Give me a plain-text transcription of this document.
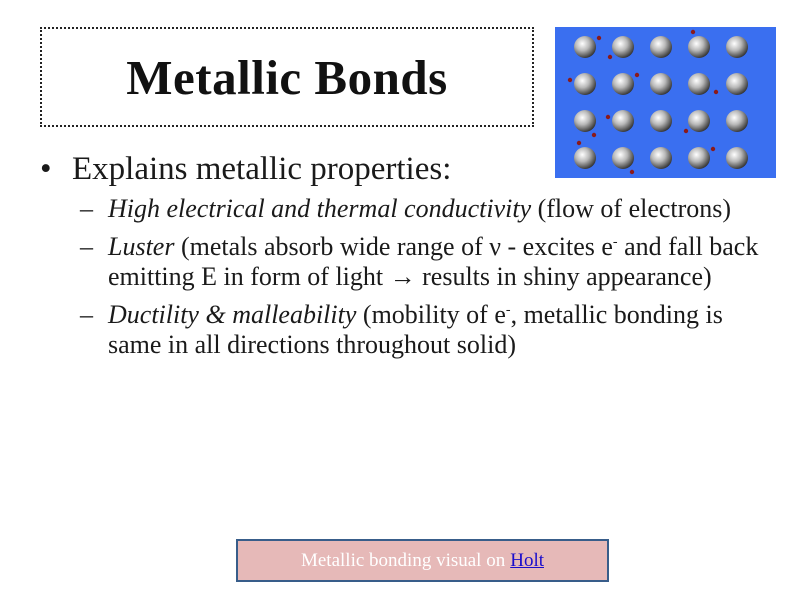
Metallic Bonds
• Explains metallic properties:
– High electrical and thermal conductivity (flow of electrons)
– Luster (metals absorb wide range of ν - excites e- and fall back emitting E in form of light → results in shiny appearance)
– Ductility & malleability (mobility of e-, metallic bonding is same in all directions throughout solid)
Metallic bonding visual on Holt
